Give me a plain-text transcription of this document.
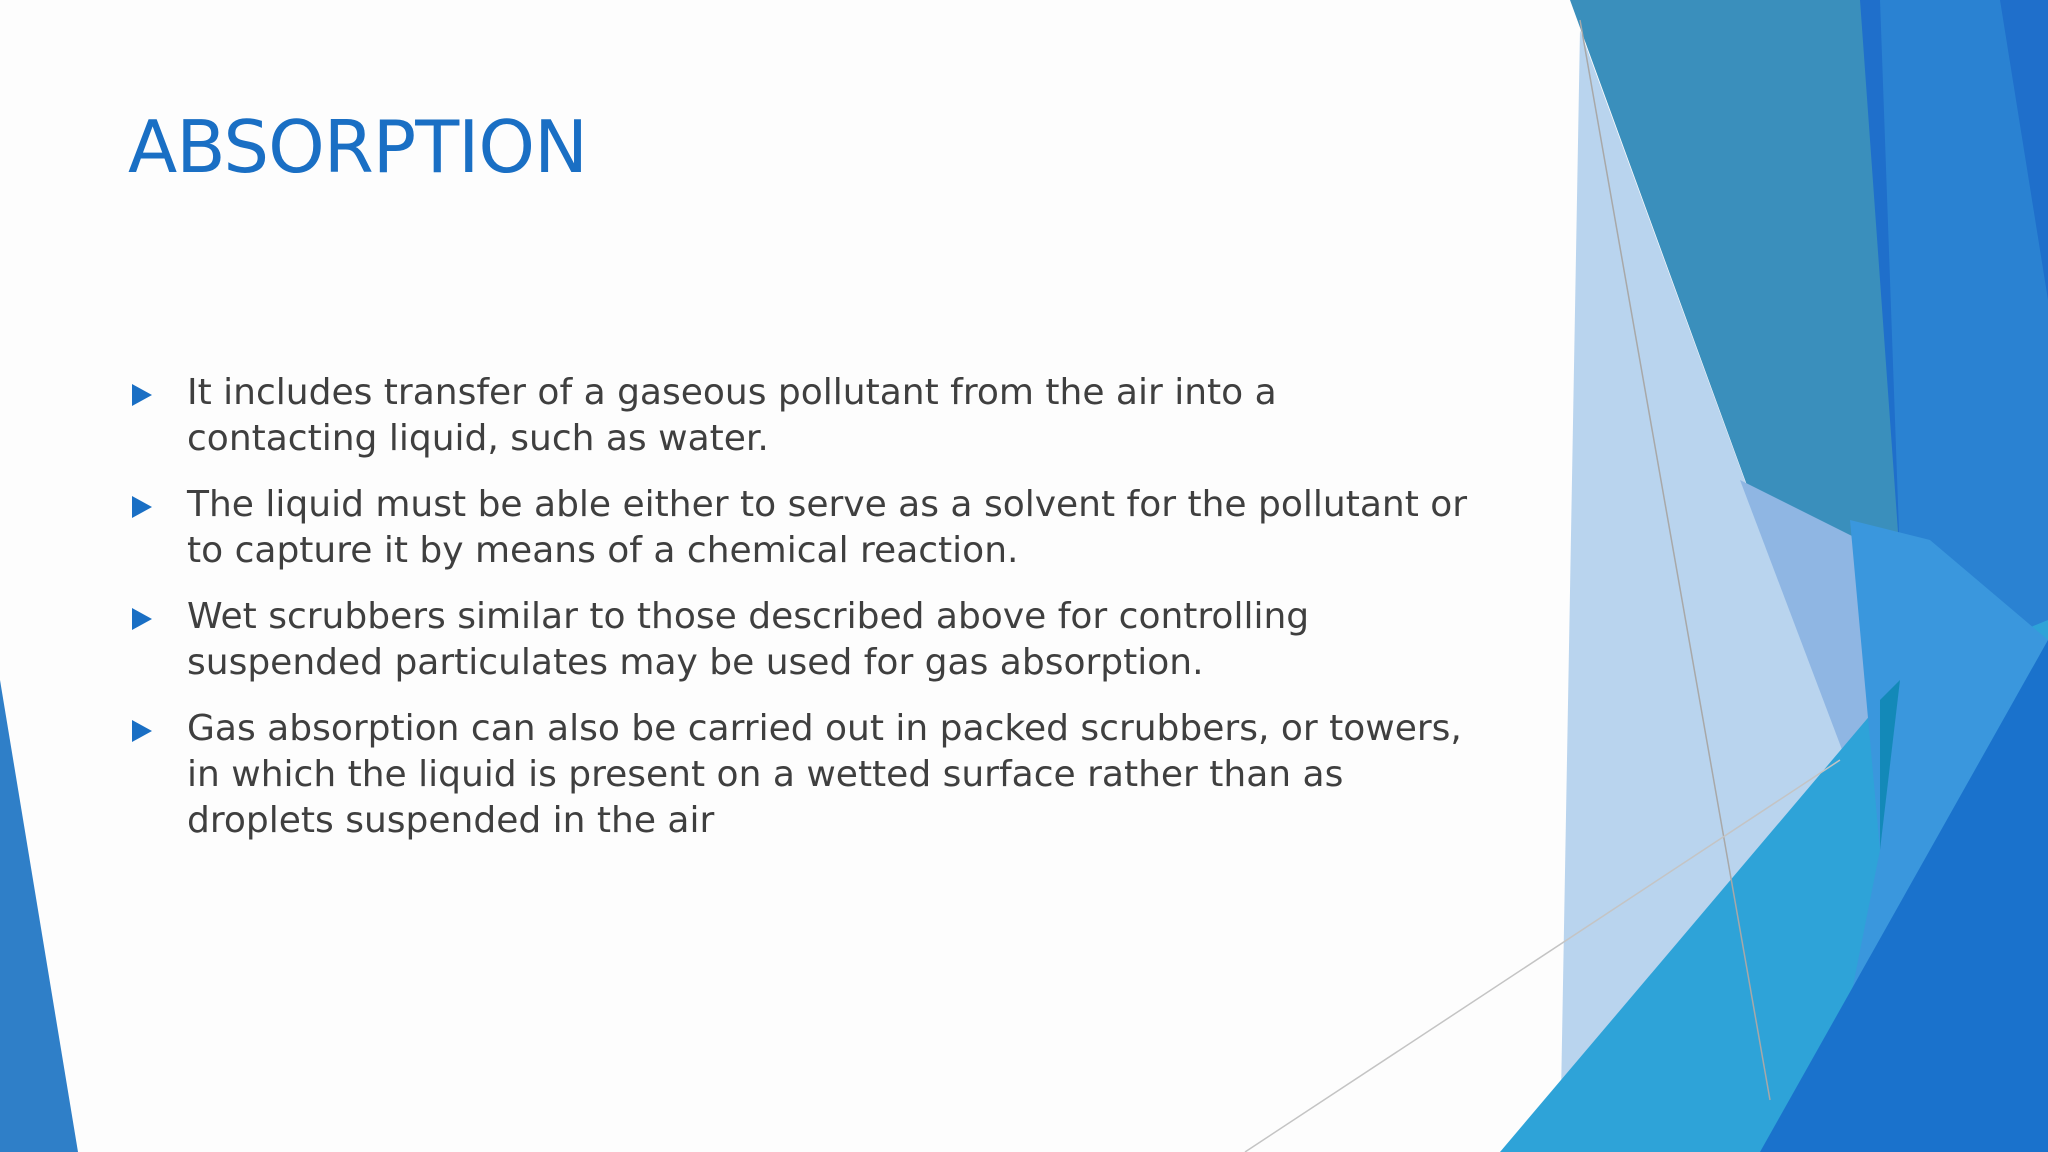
ABSORPTION
It includes transfer of a gaseous pollutant from the air into a contacting liquid, such as water.
The liquid must be able either to serve as a solvent for the pollutant or to capture it by means of a chemical reaction.
Wet scrubbers similar to those described above for controlling suspended particulates may be used for gas absorption.
Gas absorption can also be carried out in packed scrubbers, or towers, in which the liquid is present on a wetted surface rather than as droplets suspended in the air
